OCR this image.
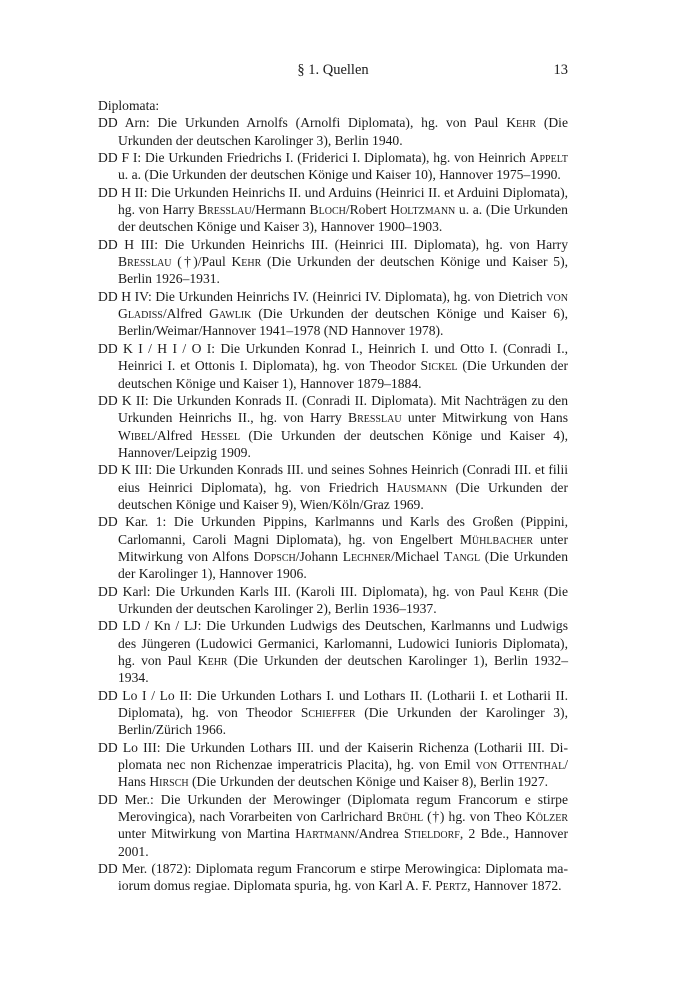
§ 1. Quellen	13

Diplomata:

DD Arn: Die Urkunden Arnolfs (Arnolfi Diplomata), hg. von Paul Kehr (Die Urkunden der deutschen Karolinger 3), Berlin 1940.

DD F I: Die Urkunden Friedrichs I. (Friderici I. Diplomata), hg. von Heinrich Appelt u. a. (Die Urkunden der deutschen Könige und Kaiser 10), Hannover 1975–1990.

DD H II: Die Urkunden Heinrichs II. und Arduins (Heinrici II. et Arduini Diplomata), hg. von Harry Bresslau/Hermann Bloch/Robert Holtzmann u. a. (Die Urkunden der deutschen Könige und Kaiser 3), Hannover 1900–1903.

DD H III: Die Urkunden Heinrichs III. (Heinrici III. Diplomata), hg. von Harry Bresslau (†)/Paul Kehr (Die Urkunden der deutschen Könige und Kaiser 5), Berlin 1926–1931.

DD H IV: Die Urkunden Heinrichs IV. (Heinrici IV. Diplomata), hg. von Dietrich von Gladiss/Alfred Gawlik (Die Urkunden der deutschen Könige und Kaiser 6), Berlin/Weimar/Hannover 1941–1978 (ND Hannover 1978).

DD K I / H I / O I: Die Urkunden Konrad I., Heinrich I. und Otto I. (Conradi I., Heinrici I. et Ottonis I. Diplomata), hg. von Theodor Sickel (Die Urkunden der deutschen Könige und Kaiser 1), Hannover 1879–1884.

DD K II: Die Urkunden Konrads II. (Conradi II. Diplomata). Mit Nachträgen zu den Urkunden Heinrichs II., hg. von Harry Bresslau unter Mitwirkung von Hans Wibel/Alfred Hessel (Die Urkunden der deutschen Könige und Kaiser 4), Hannover/Leipzig 1909.

DD K III: Die Urkunden Konrads III. und seines Sohnes Heinrich (Conradi III. et filii eius Heinrici Diplomata), hg. von Friedrich Hausmann (Die Urkunden der deutschen Könige und Kaiser 9), Wien/Köln/Graz 1969.

DD Kar. 1: Die Urkunden Pippins, Karlmanns und Karls des Großen (Pippini, Carlomanni, Caroli Magni Diplomata), hg. von Engelbert Mühlbacher unter Mitwirkung von Alfons Dopsch/Johann Lechner/Michael Tangl (Die Urkunden der Karolinger 1), Hannover 1906.

DD Karl: Die Urkunden Karls III. (Karoli III. Diplomata), hg. von Paul Kehr (Die Urkunden der deutschen Karolinger 2), Berlin 1936–1937.

DD LD / Kn / LJ: Die Urkunden Ludwigs des Deutschen, Karlmanns und Ludwigs des Jüngeren (Ludowici Germanici, Karlomanni, Ludowici Iunioris Diplomata), hg. von Paul Kehr (Die Urkunden der deutschen Karolinger 1), Berlin 1932–1934.

DD Lo I / Lo II: Die Urkunden Lothars I. und Lothars II. (Lotharii I. et Lotharii II. Diplomata), hg. von Theodor Schieffer (Die Urkunden der Karolinger 3), Berlin/Zürich 1966.

DD Lo III: Die Urkunden Lothars III. und der Kaiserin Richenza (Lotharii III. Diplomata nec non Richenzae imperatricis Placita), hg. von Emil von Ottenthal/ Hans Hirsch (Die Urkunden der deutschen Könige und Kaiser 8), Berlin 1927.

DD Mer.: Die Urkunden der Merowinger (Diplomata regum Francorum e stirpe Merovingica), nach Vorarbeiten von Carlrichard Brühl (†) hg. von Theo Kölzer unter Mitwirkung von Martina Hartmann/Andrea Stieldorf, 2 Bde., Hannover 2001.

DD Mer. (1872): Diplomata regum Francorum e stirpe Merowingica: Diplomata maiorum domus regiae. Diplomata spuria, hg. von Karl A. F. Pertz, Hannover 1872.
